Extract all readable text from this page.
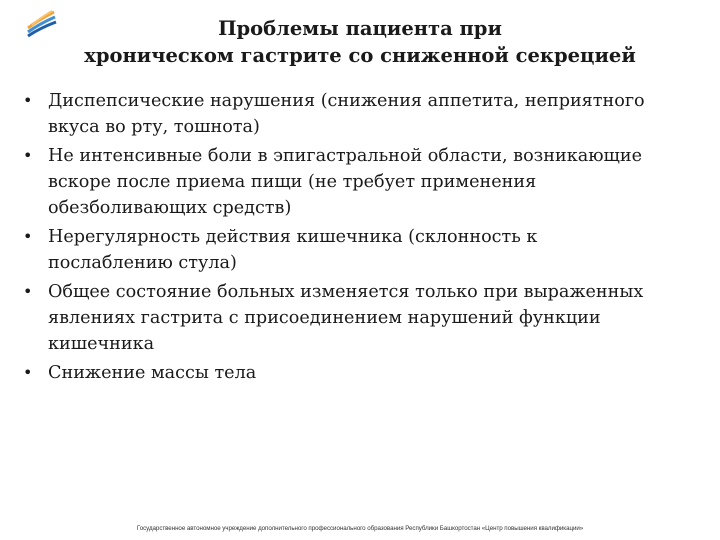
Проблемы пациента при
хроническом гастрите со сниженной секрецией
• Диспепсические нарушения (снижения аппетита, неприятного
вкуса во рту, тошнота)
• Не интенсивные боли в эпигастральной области, возникающие
вскоре после приема пищи (не требует применения
обезболивающих средств)
• Нерегулярность действия кишечника (склонность к
послаблению стула)
• Общее состояние больных изменяется только при выраженных
явлениях гастрита с присоединением нарушений функции
кишечника
• Снижение массы тела
Государственное автономное учреждение дополнительного профессионального образования Республики Башкортостан «Центр повышения квалификации»
